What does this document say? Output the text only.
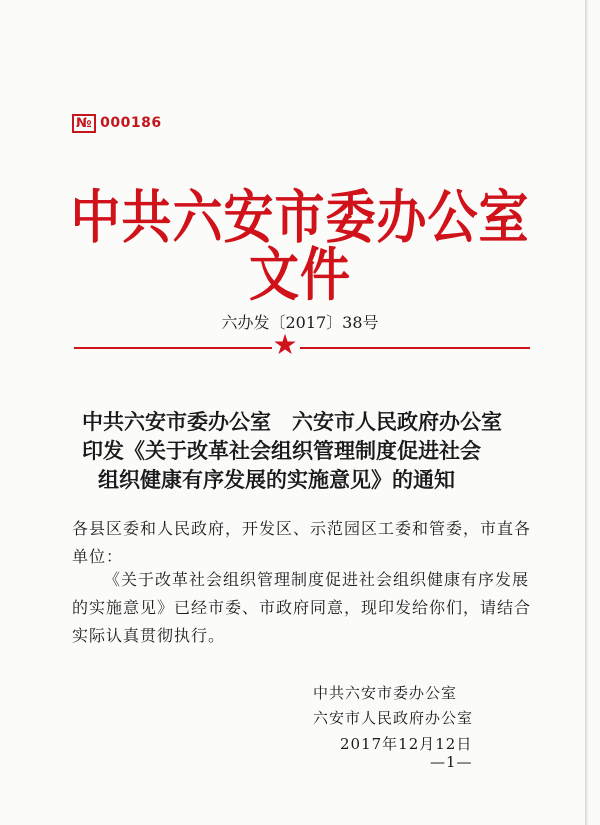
№ 000186
中共六安市委办公室文件
六办发〔2017〕38号
★
中共六安市委办公室　六安市人民政府办公室
印发《关于改革社会组织管理制度促进社会
组织健康有序发展的实施意见》的通知
各县区委和人民政府，开发区、示范园区工委和管委，市直各单位：
《关于改革社会组织管理制度促进社会组织健康有序发展的实施意见》已经市委、市政府同意，现印发给你们，请结合实际认真贯彻执行。
中共六安市委办公室
六安市人民政府办公室
2017年12月12日
—1—
